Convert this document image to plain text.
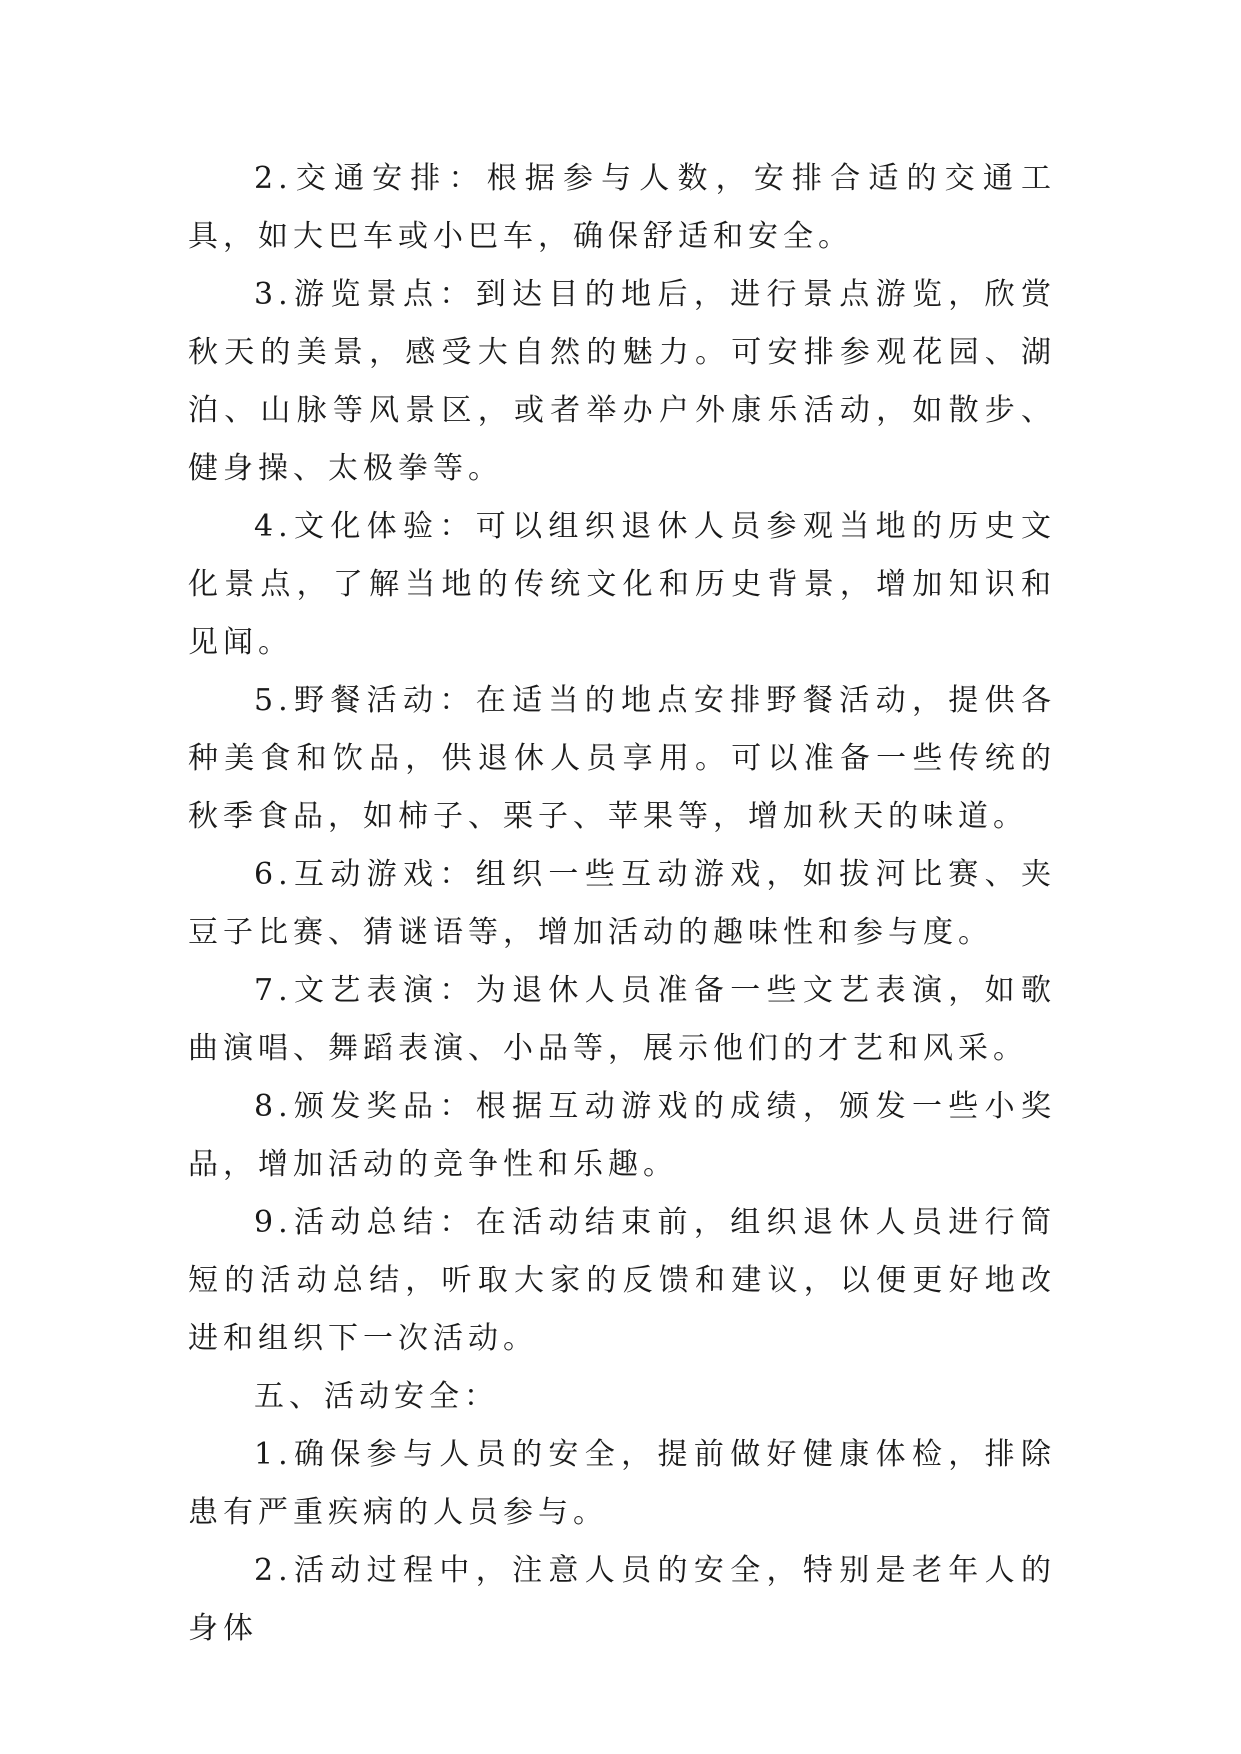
2.交通安排：根据参与人数，安排合适的交通工具，如大巴车或小巴车，确保舒适和安全。

3.游览景点：到达目的地后，进行景点游览，欣赏秋天的美景，感受大自然的魅力。可安排参观花园、湖泊、山脉等风景区，或者举办户外康乐活动，如散步、健身操、太极拳等。

4.文化体验：可以组织退休人员参观当地的历史文化景点，了解当地的传统文化和历史背景，增加知识和见闻。

5.野餐活动：在适当的地点安排野餐活动，提供各种美食和饮品，供退休人员享用。可以准备一些传统的秋季食品，如柿子、栗子、苹果等，增加秋天的味道。

6.互动游戏：组织一些互动游戏，如拔河比赛、夹豆子比赛、猜谜语等，增加活动的趣味性和参与度。

7.文艺表演：为退休人员准备一些文艺表演，如歌曲演唱、舞蹈表演、小品等，展示他们的才艺和风采。

8.颁发奖品：根据互动游戏的成绩，颁发一些小奖品，增加活动的竞争性和乐趣。

9.活动总结：在活动结束前，组织退休人员进行简短的活动总结，听取大家的反馈和建议，以便更好地改进和组织下一次活动。

五、活动安全：

1.确保参与人员的安全，提前做好健康体检，排除患有严重疾病的人员参与。

2.活动过程中，注意人员的安全，特别是老年人的身体
